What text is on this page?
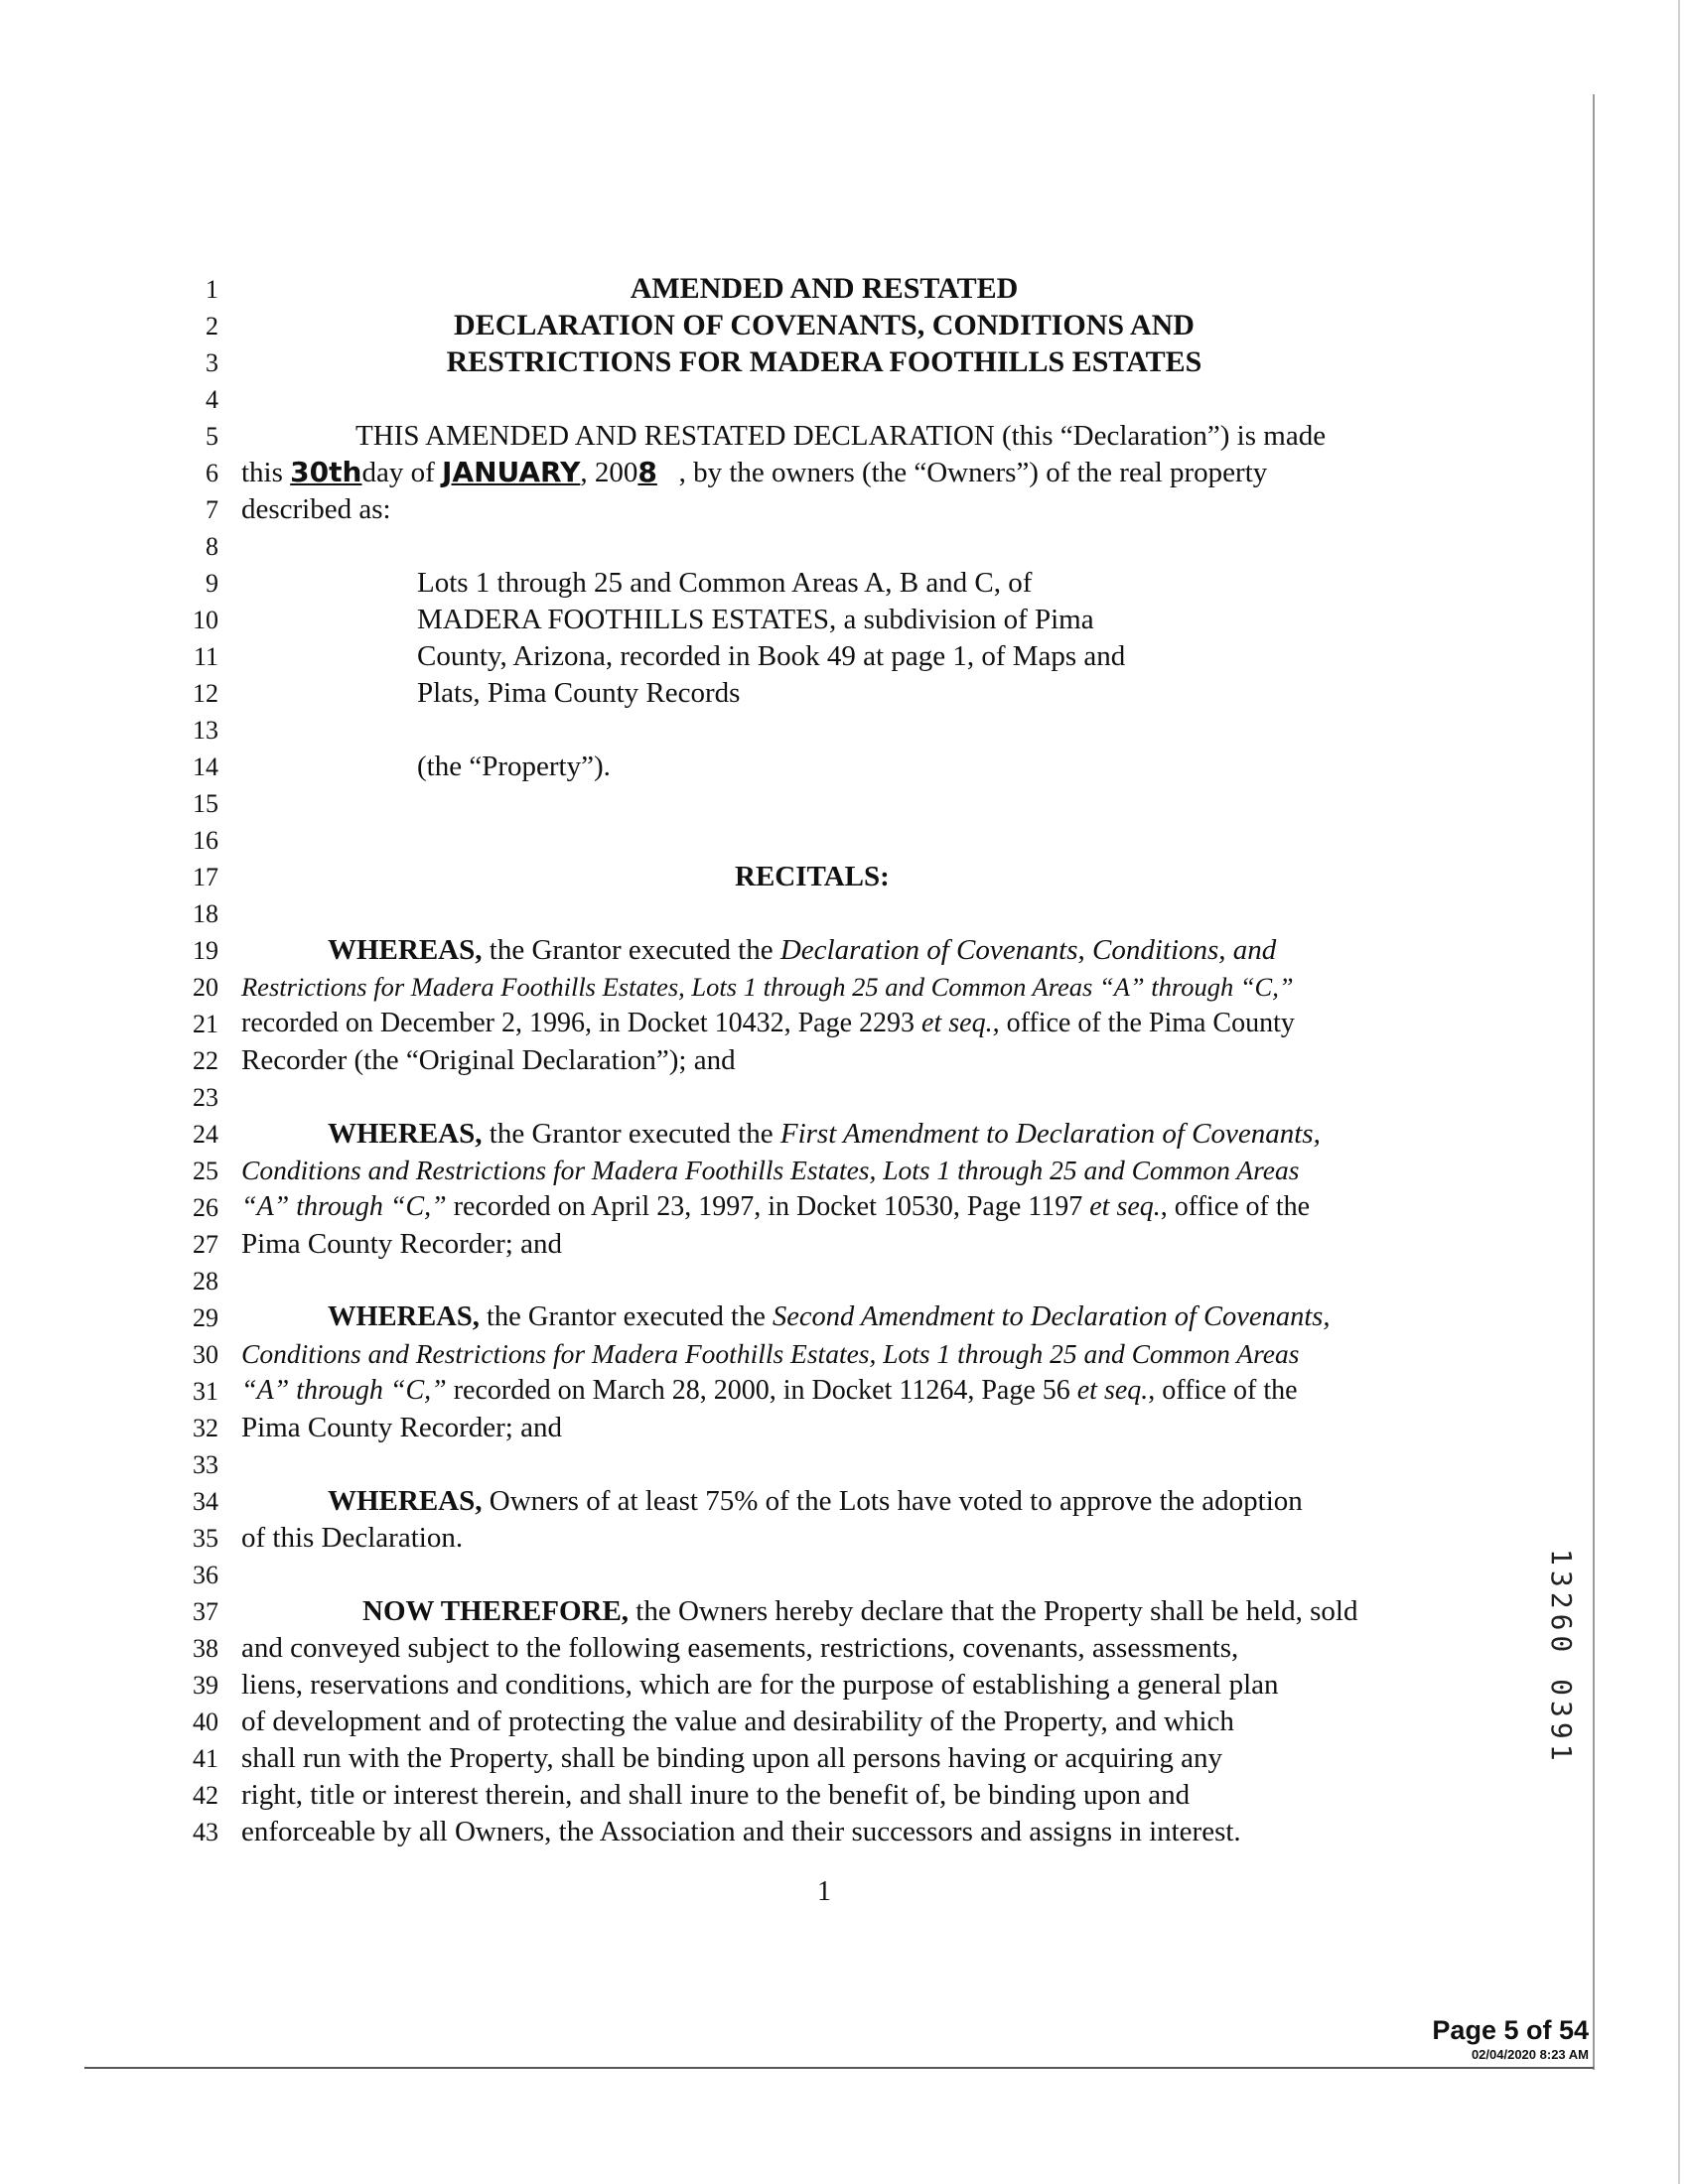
1
2
3
4
5
6
7
8
9
10
11
12
13
14
15
16
17
18
19
20
21
22
23
24
25
26
27
28
29
30
31
32
33
34
35
36
37
38
39
40
41
42
43
AMENDED AND RESTATED
DECLARATION OF COVENANTS, CONDITIONS AND
RESTRICTIONS FOR MADERA FOOTHILLS ESTATES
THIS AMENDED AND RESTATED DECLARATION (this “Declaration”) is made
this 30thday of JANUARY, 2008 , by the owners (the “Owners”) of the real property
described as:
Lots 1 through 25 and Common Areas A, B and C, of
MADERA FOOTHILLS ESTATES, a subdivision of Pima
County, Arizona, recorded in Book 49 at page 1, of Maps and
Plats, Pima County Records
(the “Property”).
RECITALS:
WHEREAS, the Grantor executed the Declaration of Covenants, Conditions, and
Restrictions for Madera Foothills Estates, Lots 1 through 25 and Common Areas “A” through “C,”
recorded on December 2, 1996, in Docket 10432, Page 2293 et seq., office of the Pima County
Recorder (the “Original Declaration”); and
WHEREAS, the Grantor executed the First Amendment to Declaration of Covenants,
Conditions and Restrictions for Madera Foothills Estates, Lots 1 through 25 and Common Areas
“A” through “C,” recorded on April 23, 1997, in Docket 10530, Page 1197 et seq., office of the
Pima County Recorder; and
WHEREAS, the Grantor executed the Second Amendment to Declaration of Covenants,
Conditions and Restrictions for Madera Foothills Estates, Lots 1 through 25 and Common Areas
“A” through “C,” recorded on March 28, 2000, in Docket 11264, Page 56 et seq., office of the
Pima County Recorder; and
WHEREAS, Owners of at least 75% of the Lots have voted to approve the adoption
of this Declaration.
NOW THEREFORE, the Owners hereby declare that the Property shall be held, sold
and conveyed subject to the following easements, restrictions, covenants, assessments,
liens, reservations and conditions, which are for the purpose of establishing a general plan
of development and of protecting the value and desirability of the Property, and which
shall run with the Property, shall be binding upon all persons having or acquiring any
right, title or interest therein, and shall inure to the benefit of, be binding upon and
enforceable by all Owners, the Association and their successors and assigns in interest.
1
13260 0391
Page 5 of 54
02/04/2020 8:23 AM
